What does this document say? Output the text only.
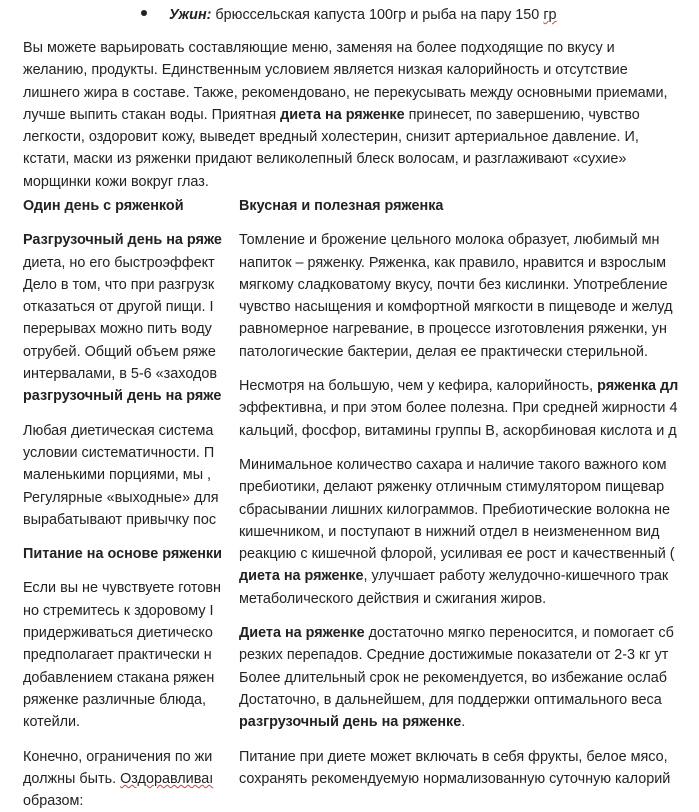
Ужин: брюссельская капуста 100гр и рыба на пару 150 гр

Вы можете варьировать составляющие меню, заменяя на более подходящие по вкусу и желанию, продукты. Единственным условием является низкая калорийность и отсутствие лишнего жира в составе. Также, рекомендовано, не перекусывать между основными приемами, лучше выпить стакан воды. Приятная диета на ряженке принесет, по завершению, чувство легкости, оздоровит кожу, выведет вредный холестерин, снизит артериальное давление. И, кстати, маски из ряженки придают великолепный блеск волосам, и разглаживают «сухие» морщинки кожи вокруг глаз.

Один день с ряженкой
Разгрузочный день на ряже
диета, но его быстроэффект
Дело в том, что при разгрузк
отказаться от другой пищи. I
перерывах можно пить воду
отрубей. Общий объем ряже
интервалами, в 5-6 «заходов
разгрузочный день на ряже
Любая диетическая система
условии систематичности. П
маленькими порциями, мы ,
Регулярные «выходные» для
вырабатывают привычку пос
Питание на основе ряженки
Если вы не чувствуете готовн
но стремитесь к здоровому I
придерживаться диетическо
предполагает практически н
добавлением стакана ряжен
ряженке различные блюда,
котейли.
Конечно, ограничения по жи
должны быть. Оздоравливаı
образом:
Вкусная и полезная ряженка
Томление и брожение цельного молока образует, любимый мн
напиток – ряженку. Ряженка, как правило, нравится и взрослым
мягкому сладковатому вкусу, почти без кислинки. Употребление
чувство насыщения и комфортной мягкости в пищеводе и желуд
равномерное нагревание, в процессе изготовления ряженки, ун
патологические бактерии, делая ее практически стерильной.
Несмотря на большую, чем у кефира, калорийность, ряженка дл
эффективна, и при этом более полезна. При средней жирности 4
кальций, фосфор, витамины группы В, аскорбиновая кислота и д
Минимальное количество сахара и наличие такого важного ком
пребиотики, делают ряженку отличным стимулятором пищевар
сбрасывании лишних килограммов. Пребиотические волокна не
кишечником, и поступают в нижний отдел в неизмененном вид
реакцию с кишечной флорой, усиливая ее рост и качественный (
диета на ряженке, улучшает работу желудочно-кишечного трак
метаболического действия и сжигания жиров.
Диета на ряженке достаточно мягко переносится, и помогает сб
резких перепадов. Средние достижимые показатели от 2-3 кг ут
Более длительный срок не рекомендуется, во избежание ослаб
Достаточно, в дальнейшем, для поддержки оптимального веса
разгрузочный день на ряженке.
Питание при диете может включать в себя фрукты, белое мясо,
сохранять рекомендуемую нормализованную суточную калорий
